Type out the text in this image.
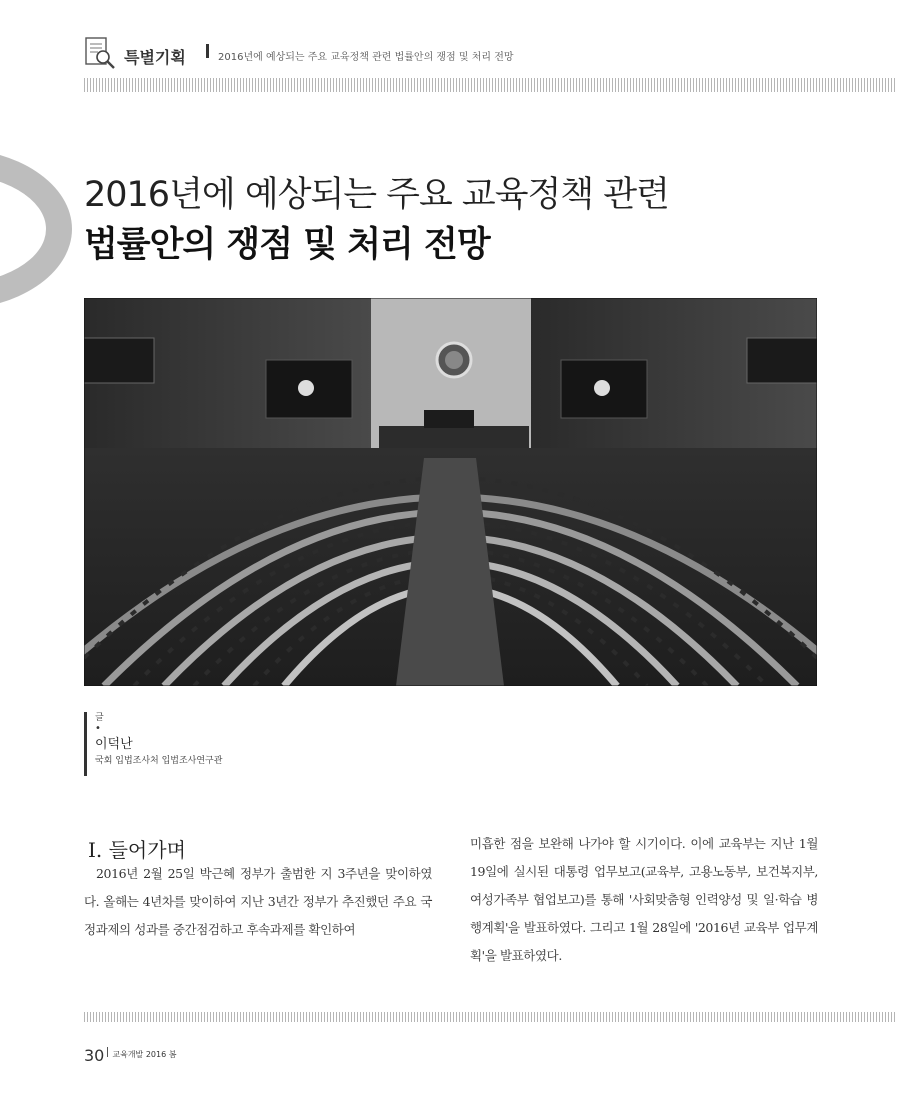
특별기획	2016년에 예상되는 주요 교육정책 관련 법률안의 쟁점 및 처리 전망
2016년에 예상되는 주요 교육정책 관련
법률안의 쟁점 및 처리 전망
글
•
이덕난
국회 입법조사처 입법조사연구관
Ⅰ. 들어가며

2016년 2월 25일 박근혜 정부가 출범한 지 3주년을 맞이하였다. 올해는 4년차를 맞이하여 지난 3년간 정부가 추진했던 주요 국정과제의 성과를 중간점검하고 후속과제를 확인하여

미흡한 점을 보완해 나가야 할 시기이다. 이에 교육부는 지난 1월 19일에 실시된 대통령 업무보고(교육부, 고용노동부, 보건복지부, 여성가족부 협업보고)를 통해 '사회맞춤형 인력양성 및 일·학습 병행계획'을 발표하였다. 그리고 1월 28일에 '2016년 교육부 업무계획'을 발표하였다.

30 $^{교육개발 2016 봄}$
